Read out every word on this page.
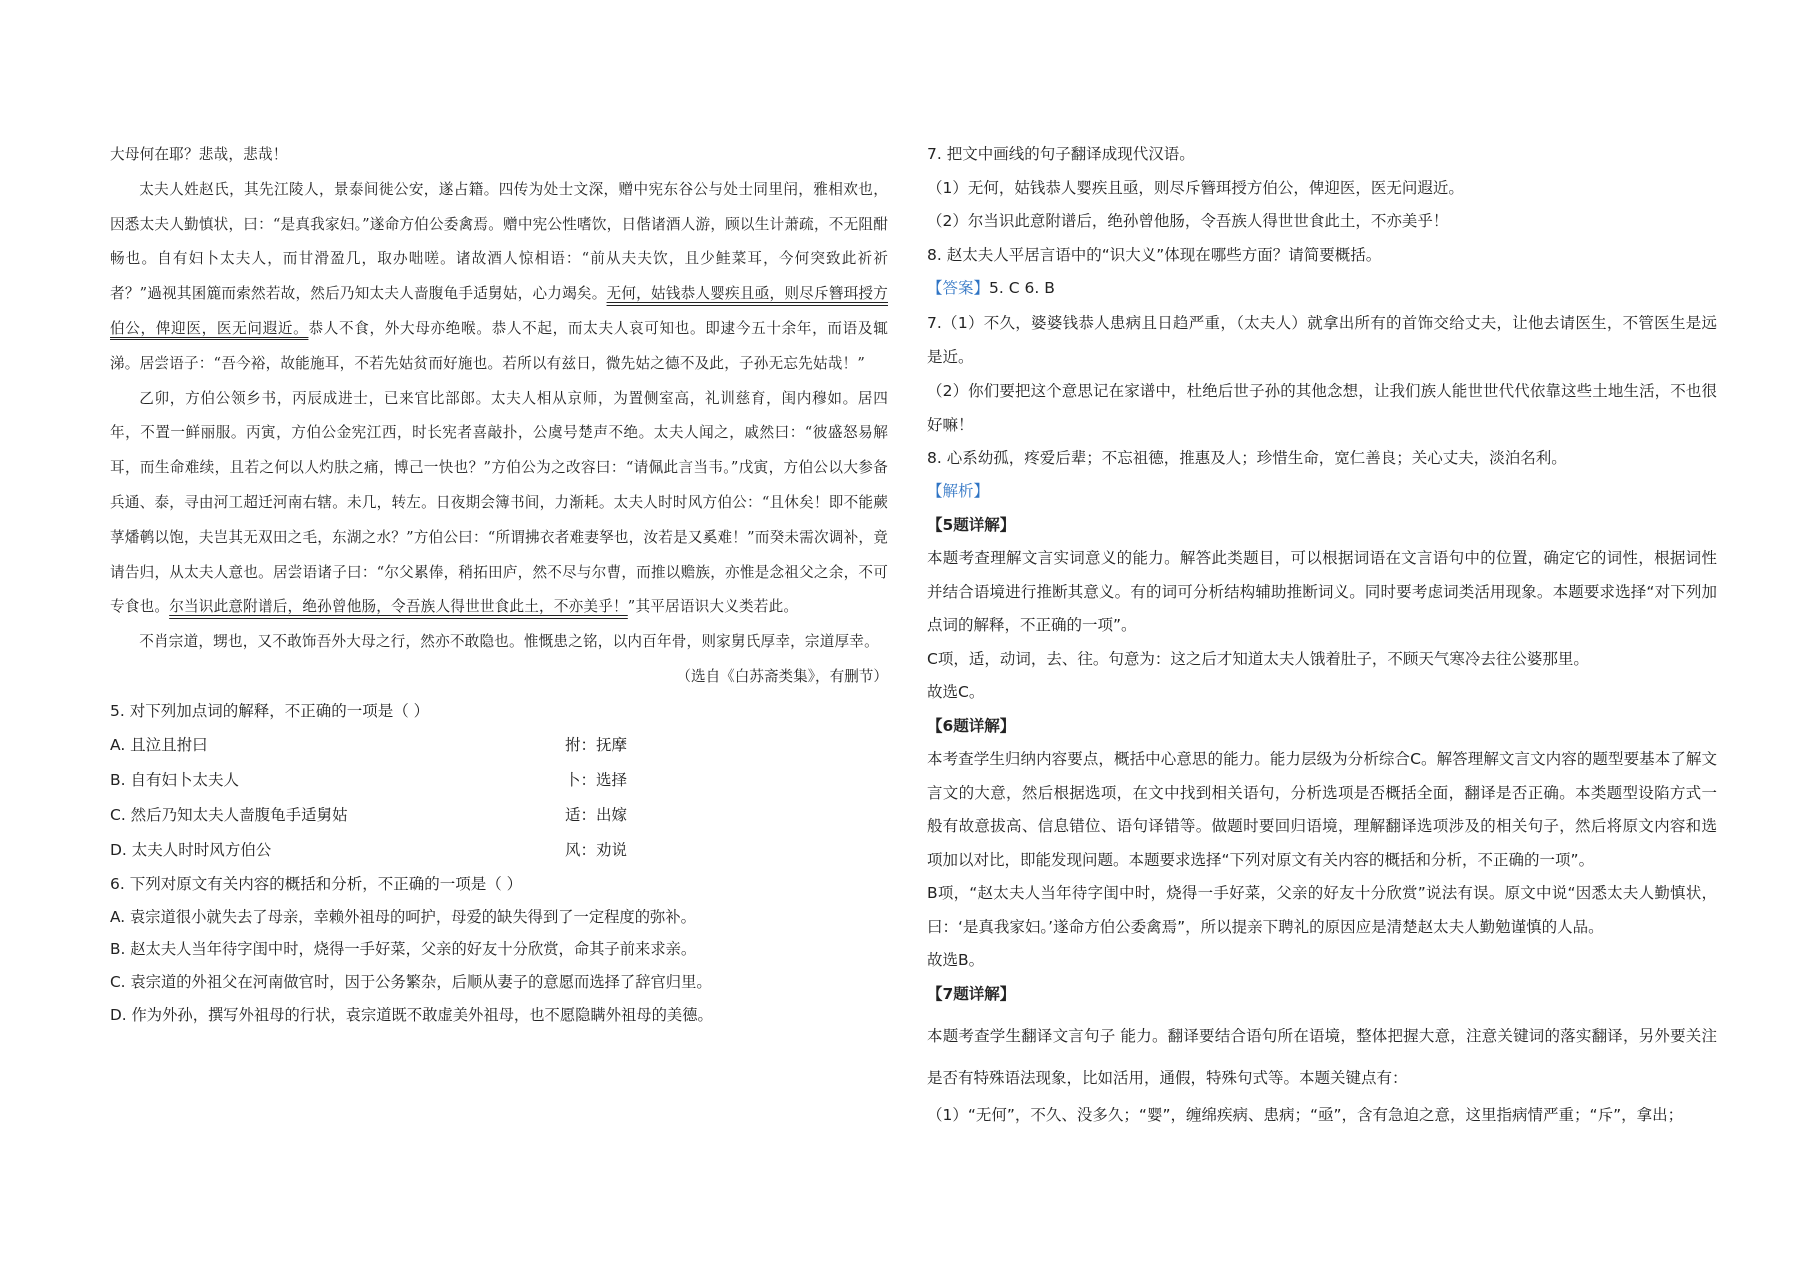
大母何在耶？悲哉，悲哉！

太夫人姓赵氏，其先江陵人，景泰间徙公安，遂占籍。四传为处士文深，赠中宪东谷公与处士同里闬，雅相欢也，因悉太夫人勤慎状，曰：“是真我家妇。”遂命方伯公委禽焉。赠中宪公性嗜饮，日偕诸酒人游，顾以生计萧疏，不无阻酣畅也。自有妇卜太夫人，而甘滑盈几，取办咄嗟。诸故酒人惊相语：“前从夫夫饮，且少鲑菜耳，今何突致此祈祈者？”過视其囷簏而索然若故，然后乃知太夫人啬腹龟手适舅姑，心力竭矣。无何，姑钱恭人婴疾且亟，则尽斥簪珥授方伯公，俾迎医，医无问遐近。恭人不食，外大母亦绝喉。恭人不起，而太夫人哀可知也。即逮今五十余年，而语及辄涕。居尝语子：“吾今裕，故能施耳，不若先姑贫而好施也。若所以有兹日，微先姑之德不及此，子孙无忘先姑哉！”

乙卯，方伯公领乡书，丙辰成进士，已来官比部郎。太夫人相从京师，为置侧室高，礼训慈育，闺内穆如。居四年，不置一鲜丽服。丙寅，方伯公金宪江西，时长宪者喜敲扑，公虞号楚声不绝。太夫人闻之，戚然曰：“彼盛怒易解耳，而生命难续，且若之何以人灼肤之痛，博己一快也？”方伯公为之改容曰：“请佩此言当韦。”戊寅，方伯公以大参备兵通、泰，寻由河工超迁河南右辖。未几，转左。日夜期会簿书间，力渐耗。太夫人时时风方伯公：“且休矣！即不能蕨莩燔鹌以饱，夫岂其无双田之毛，东湖之水？”方伯公曰：“所谓拂衣者难妻孥也，汝若是又奚难！”而癸未需次调补，竟请告归，从太夫人意也。居尝语诸子曰：“尔父累俸，稍拓田庐，然不尽与尔曹，而推以赡族，亦惟是念祖父之余，不可专食也。尔当识此意附谱后，绝孙曾他肠，令吾族人得世世食此土，不亦美乎！”其平居语识大义类若此。

不肖宗道，甥也，又不敢饰吾外大母之行，然亦不敢隐也。惟慨患之铭，以内百年骨，则家舅氏厚幸，宗道厚幸。

（选自《白苏斋类集》，有删节）

5. 对下列加点词的解释，不正确的一项是（ ）

A. 且泣且拊曰	拊：抚摩
B. 自有妇卜太夫人	卜：选择
C. 然后乃知太夫人啬腹龟手适舅姑	适：出嫁
D. 太夫人时时风方伯公	风：劝说

6. 下列对原文有关内容的概括和分析，不正确的一项是（ ）

A. 袁宗道很小就失去了母亲，幸赖外祖母的呵护，母爱的缺失得到了一定程度的弥补。

B. 赵太夫人当年待字闺中时，烧得一手好菜，父亲的好友十分欣赏，命其子前来求亲。

C. 袁宗道的外祖父在河南做官时，因于公务繁杂，后顺从妻子的意愿而选择了辞官归里。

D. 作为外孙，撰写外祖母的行状，袁宗道既不敢虚美外祖母，也不愿隐瞒外祖母的美德。

7. 把文中画线的句子翻译成现代汉语。

（1）无何，姑钱恭人婴疾且亟，则尽斥簪珥授方伯公，俾迎医，医无问遐近。

（2）尔当识此意附谱后，绝孙曾他肠，令吾族人得世世食此土，不亦美乎！

8. 赵太夫人平居言语中的“识大义”体现在哪些方面？请简要概括。

【答案】5. C 6. B

7.（1）不久，婆婆钱恭人患病且日趋严重，（太夫人）就拿出所有的首饰交给丈夫，让他去请医生，不管医生是远是近。

（2）你们要把这个意思记在家谱中，杜绝后世子孙的其他念想，让我们族人能世世代代依靠这些土地生活，不也很好嘛！

8. 心系幼孤，疼爱后辈；不忘祖德，推惠及人；珍惜生命，宽仁善良；关心丈夫，淡泊名利。

【解析】

【5题详解】

本题考查理解文言实词意义的能力。解答此类题目，可以根据词语在文言语句中的位置，确定它的词性，根据词性并结合语境进行推断其意义。有的词可分析结构辅助推断词义。同时要考虑词类活用现象。本题要求选择“对下列加点词的解释，不正确的一项”。

C项，适，动词，去、往。句意为：这之后才知道太夫人饿着肚子，不顾天气寒冷去往公婆那里。

故选C。

【6题详解】

本考查学生归纳内容要点，概括中心意思的能力。能力层级为分析综合C。解答理解文言文内容的题型要基本了解文言文的大意，然后根据选项，在文中找到相关语句，分析选项是否概括全面，翻译是否正确。本类题型设陷方式一般有故意拔高、信息错位、语句译错等。做题时要回归语境，理解翻译选项涉及的相关句子，然后将原文内容和选项加以对比，即能发现问题。本题要求选择“下列对原文有关内容的概括和分析，不正确的一项”。

B项，“赵太夫人当年待字闺中时，烧得一手好菜，父亲的好友十分欣赏”说法有误。原文中说“因悉太夫人勤慎状，曰：‘是真我家妇。’遂命方伯公委禽焉”，所以提亲下聘礼的原因应是清楚赵太夫人勤勉谨慎的人品。

故选B。

【7题详解】

本题考查学生翻译文言句子 能力。翻译要结合语句所在语境，整体把握大意，注意关键词的落实翻译，另外要关注是否有特殊语法现象，比如活用，通假，特殊句式等。本题关键点有：

（1）“无何”，不久、没多久；“婴”，缠绵疾病、患病；“亟”，含有急迫之意，这里指病情严重；“斥”，拿出；
